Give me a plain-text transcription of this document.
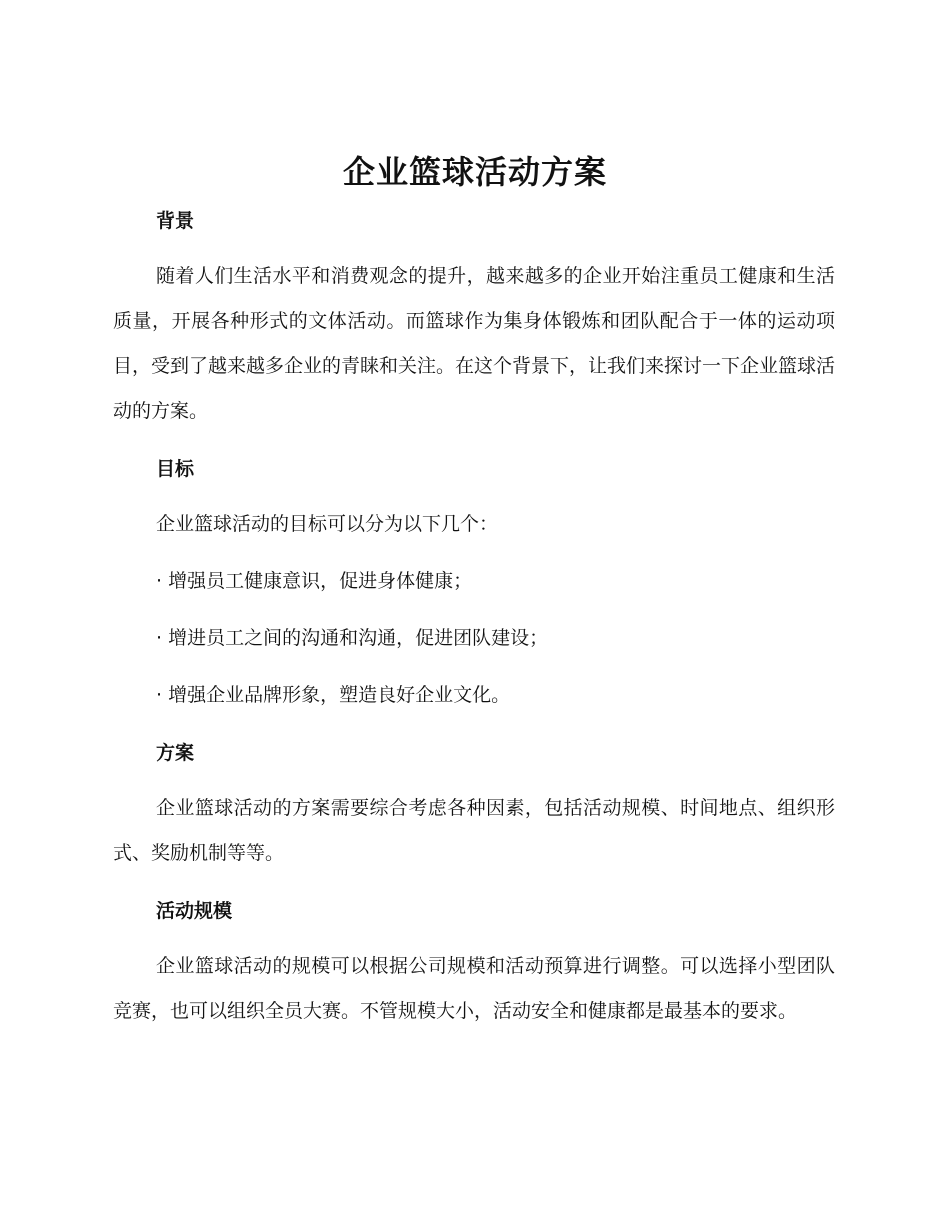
企业篮球活动方案
背景

随着人们生活水平和消费观念的提升，越来越多的企业开始注重员工健康和生活质量，开展各种形式的文体活动。而篮球作为集身体锻炼和团队配合于一体的运动项目，受到了越来越多企业的青睐和关注。在这个背景下，让我们来探讨一下企业篮球活动的方案。

目标

企业篮球活动的目标可以分为以下几个：

· 增强员工健康意识，促进身体健康；
· 增进员工之间的沟通和沟通，促进团队建设；
· 增强企业品牌形象，塑造良好企业文化。
方案

企业篮球活动的方案需要综合考虑各种因素，包括活动规模、时间地点、组织形式、奖励机制等等。

活动规模

企业篮球活动的规模可以根据公司规模和活动预算进行调整。可以选择小型团队竞赛，也可以组织全员大赛。不管规模大小，活动安全和健康都是最基本的要求。
